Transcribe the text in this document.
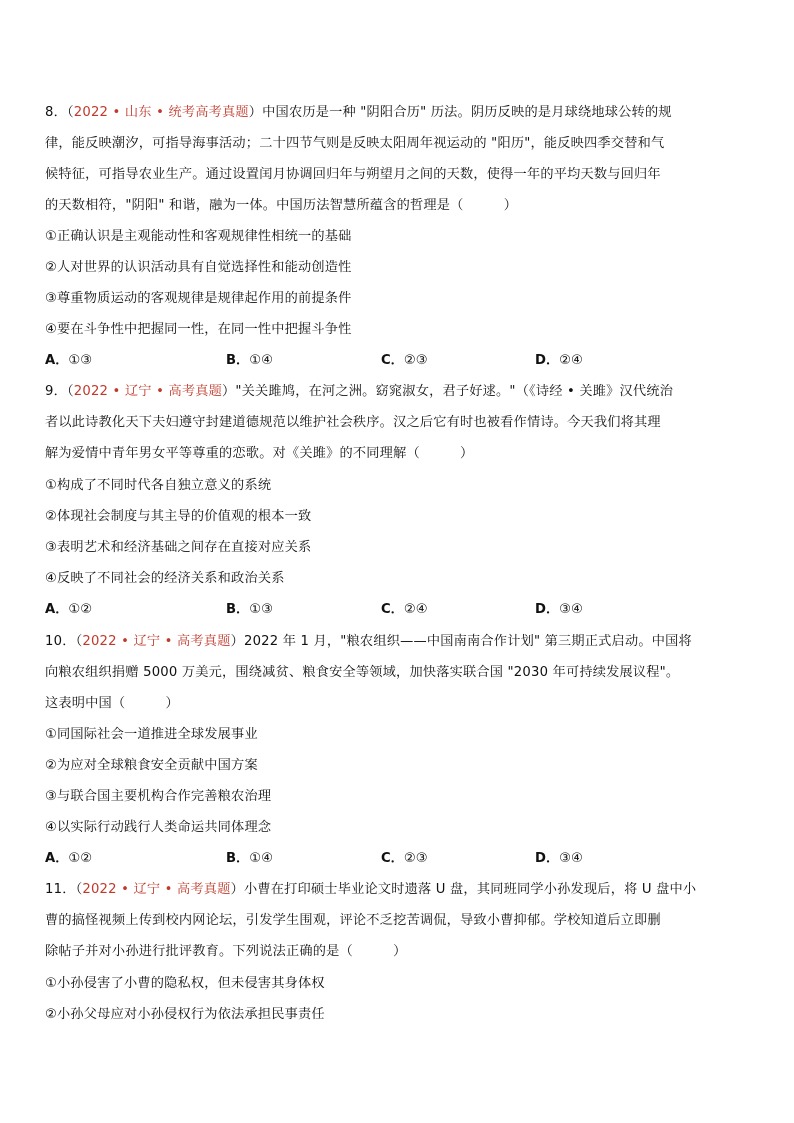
8．（2022 • 山东 • 统考高考真题）中国农历是一种 "阴阳合历" 历法。阴历反映的是月球绕地球公转的规
律，能反映潮汐，可指导海事活动；二十四节气则是反映太阳周年视运动的 "阳历"，能反映四季交替和气
候特征，可指导农业生产。通过设置闰月协调回归年与朔望月之间的天数，使得一年的平均天数与回归年
的天数相符，"阴阳" 和谐，融为一体。中国历法智慧所蕴含的哲理是（　　　）
①正确认识是主观能动性和客观规律性相统一的基础
②人对世界的认识活动具有自觉选择性和能动创造性
③尊重物质运动的客观规律是规律起作用的前提条件
④要在斗争性中把握同一性，在同一性中把握斗争性
A．①③	B．①④	C．②③	D．②④
9．（2022 • 辽宁 • 高考真题）"关关雎鸠，在河之洲。窈窕淑女，君子好逑。"（《诗经 • 关雎》汉代统治
者以此诗教化天下夫妇遵守封建道德规范以维护社会秩序。汉之后它有时也被看作情诗。今天我们将其理
解为爱情中青年男女平等尊重的恋歌。对《关雎》的不同理解（　　　）
①构成了不同时代各自独立意义的系统
②体现社会制度与其主导的价值观的根本一致
③表明艺术和经济基础之间存在直接对应关系
④反映了不同社会的经济关系和政治关系
A．①②	B．①③	C．②④	D．③④
10．（2022 • 辽宁 • 高考真题）2022 年 1 月，"粮农组织——中国南南合作计划" 第三期正式启动。中国将
向粮农组织捐赠 5000 万美元，围绕减贫、粮食安全等领域，加快落实联合国 "2030 年可持续发展议程"。
这表明中国（　　　）
①同国际社会一道推进全球发展事业
②为应对全球粮食安全贡献中国方案
③与联合国主要机构合作完善粮农治理
④以实际行动践行人类命运共同体理念
A．①②	B．①④	C．②③	D．③④
11．（2022 • 辽宁 • 高考真题）小曹在打印硕士毕业论文时遗落 U 盘，其同班同学小孙发现后，将 U 盘中小
曹的搞怪视频上传到校内网论坛，引发学生围观，评论不乏挖苦调侃，导致小曹抑郁。学校知道后立即删
除帖子并对小孙进行批评教育。下列说法正确的是（　　　）
①小孙侵害了小曹的隐私权，但未侵害其身体权
②小孙父母应对小孙侵权行为依法承担民事责任
